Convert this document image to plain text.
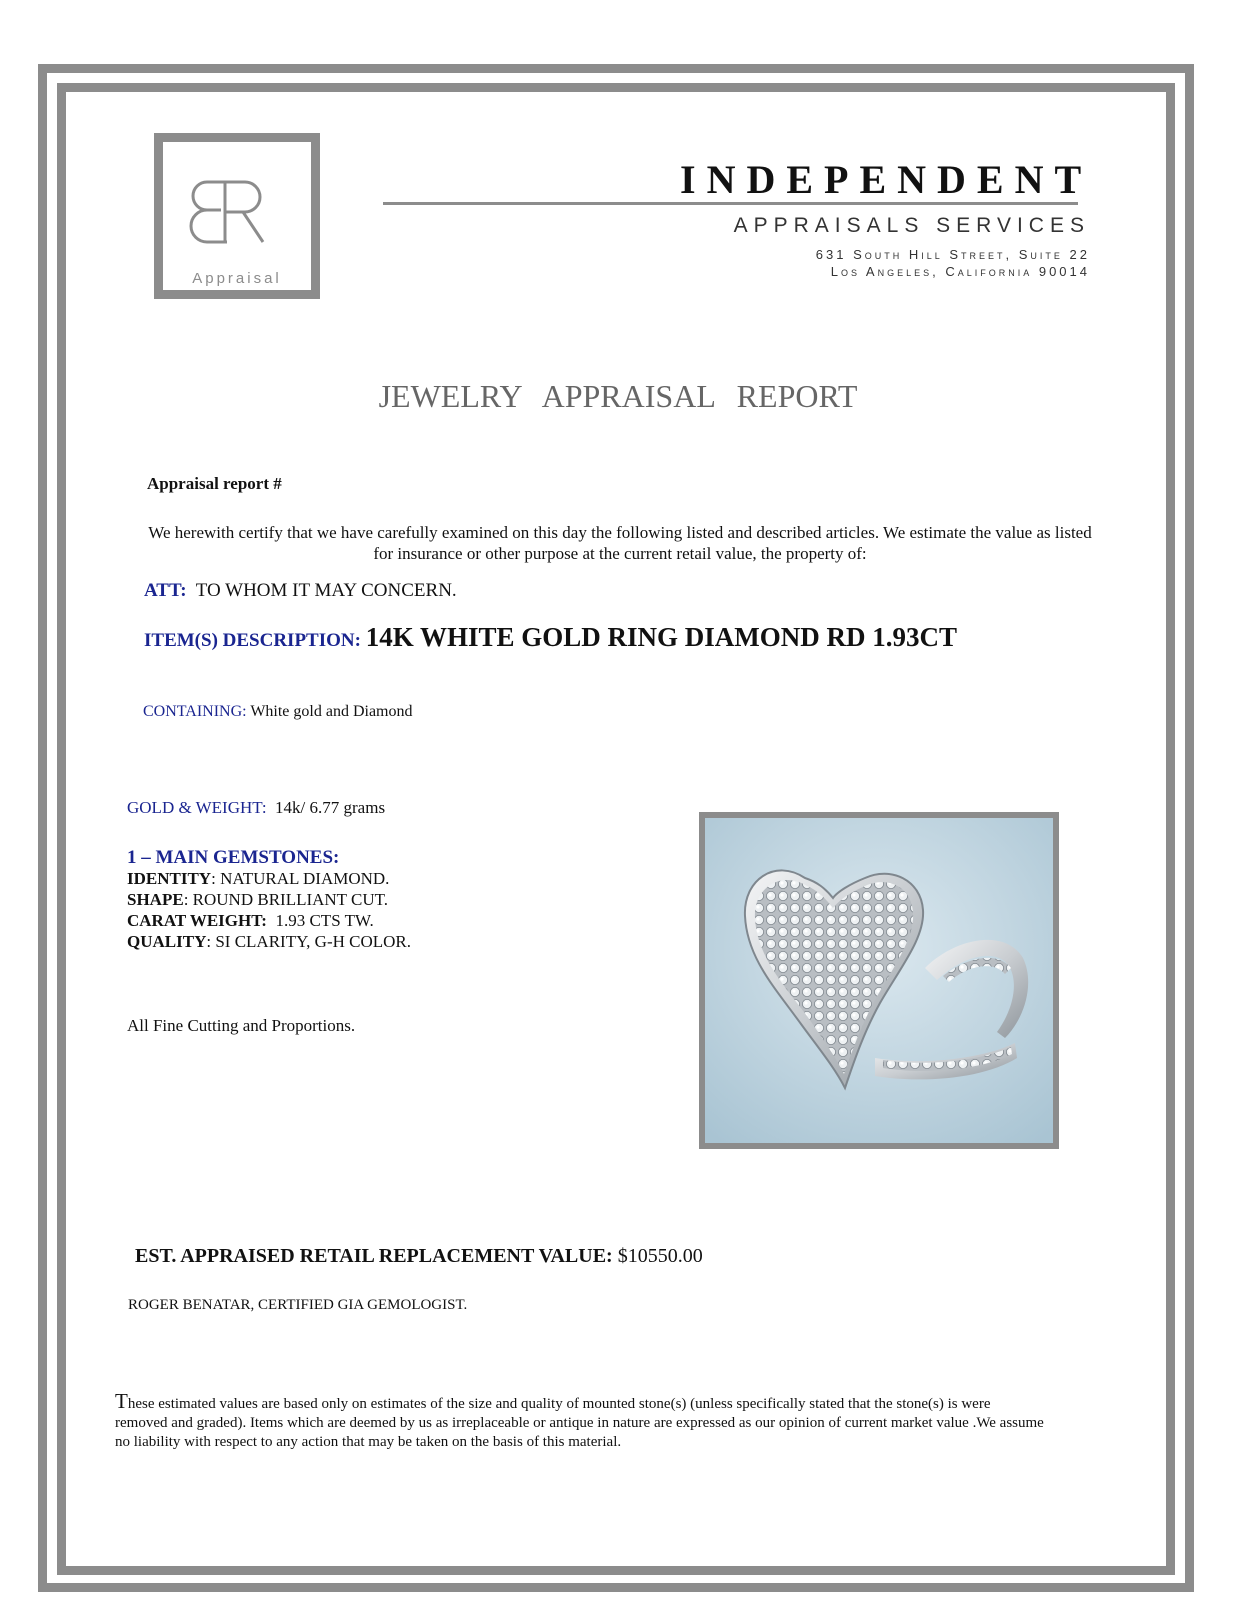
Appraisal
INDEPENDENT
APPRAISALS SERVICES
631 South Hill Street, Suite 22
Los Angeles, California 90014
JEWELRY APPRAISAL REPORT
Appraisal report #
We herewith certify that we have carefully examined on this day the following listed and described articles. We estimate the value as listed for insurance or other purpose at the current retail value, the property of:
ATT: TO WHOM IT MAY CONCERN.
ITEM(S) DESCRIPTION: 14K WHITE GOLD RING DIAMOND RD 1.93CT
CONTAINING: White gold and Diamond
GOLD & WEIGHT: 14k/ 6.77 grams
1 – MAIN GEMSTONES:
IDENTITY: NATURAL DIAMOND.
SHAPE: ROUND BRILLIANT CUT.
CARAT WEIGHT: 1.93 CTS TW.
QUALITY: SI CLARITY, G-H COLOR.
All Fine Cutting and Proportions.
EST. APPRAISED RETAIL REPLACEMENT VALUE: $10550.00
ROGER BENATAR, CERTIFIED GIA GEMOLOGIST.
These estimated values are based only on estimates of the size and quality of mounted stone(s) (unless specifically stated that the stone(s) is were removed and graded). Items which are deemed by us as irreplaceable or antique in nature are expressed as our opinion of current market value .We assume no liability with respect to any action that may be taken on the basis of this material.
